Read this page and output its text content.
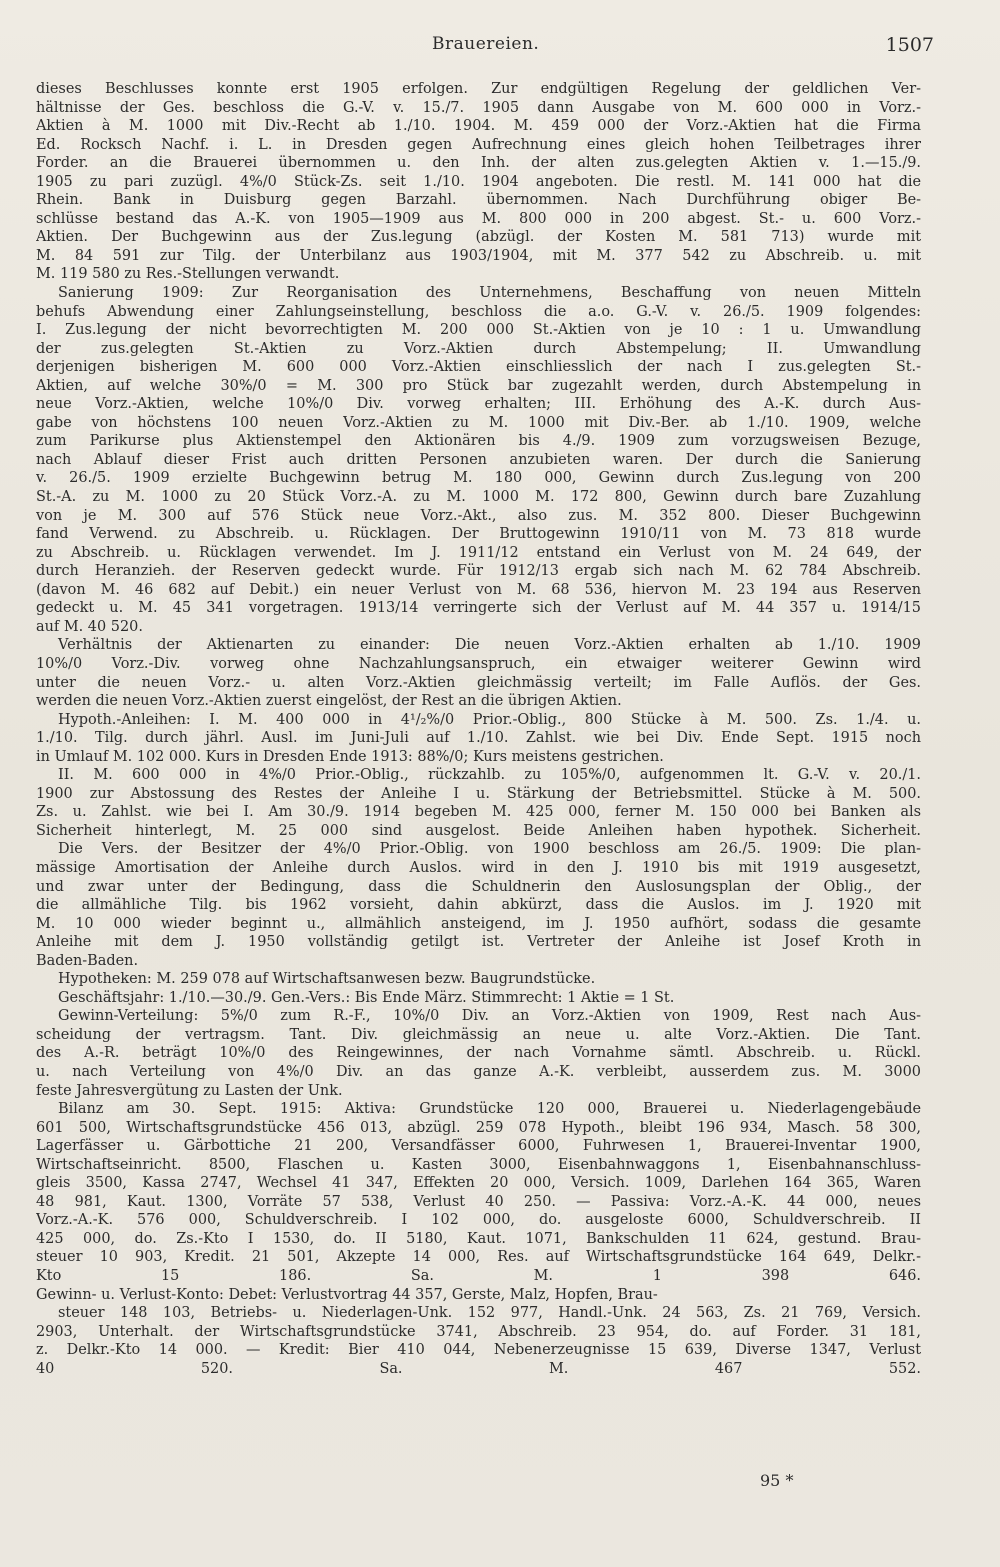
Brauereien.	1507
dieses Beschlusses konnte erst 1905 erfolgen. Zur endgültigen Regelung der geldlichen Ver-
hältnisse der Ges. beschloss die G.-V. v. 15./7. 1905 dann Ausgabe von M. 600 000 in Vorz.-
Aktien à M. 1000 mit Div.-Recht ab 1./10. 1904. M. 459 000 der Vorz.-Aktien hat die Firma
Ed. Rocksch Nachf. i. L. in Dresden gegen Aufrechnung eines gleich hohen Teilbetrages ihrer
Forder. an die Brauerei übernommen u. den Inh. der alten zus.gelegten Aktien v. 1.—15./9.
1905 zu pari zuzügl. 4%/0 Stück-Zs. seit 1./10. 1904 angeboten. Die restl. M. 141 000 hat die
Rhein. Bank in Duisburg gegen Barzahl. übernommen. Nach Durchführung obiger Be-
schlüsse bestand das A.-K. von 1905—1909 aus M. 800 000 in 200 abgest. St.- u. 600 Vorz.-
Aktien. Der Buchgewinn aus der Zus.legung (abzügl. der Kosten M. 581 713) wurde mit
M. 84 591 zur Tilg. der Unterbilanz aus 1903/1904, mit M. 377 542 zu Abschreib. u. mit
M. 119 580 zu Res.-Stellungen verwandt.
Sanierung 1909: Zur Reorganisation des Unternehmens, Beschaffung von neuen Mitteln
behufs Abwendung einer Zahlungseinstellung, beschloss die a.o. G.-V. v. 26./5. 1909 folgendes:
I. Zus.legung der nicht bevorrechtigten M. 200 000 St.-Aktien von je 10 : 1 u. Umwandlung
der zus.gelegten St.-Aktien zu Vorz.-Aktien durch Abstempelung; II. Umwandlung
derjenigen bisherigen M. 600 000 Vorz.-Aktien einschliesslich der nach I zus.gelegten St.-
Aktien, auf welche 30%/0 = M. 300 pro Stück bar zugezahlt werden, durch Abstempelung in
neue Vorz.-Aktien, welche 10%/0 Div. vorweg erhalten; III. Erhöhung des A.-K. durch Aus-
gabe von höchstens 100 neuen Vorz.-Aktien zu M. 1000 mit Div.-Ber. ab 1./10. 1909, welche
zum Parikurse plus Aktienstempel den Aktionären bis 4./9. 1909 zum vorzugsweisen Bezuge,
nach Ablauf dieser Frist auch dritten Personen anzubieten waren. Der durch die Sanierung
v. 26./5. 1909 erzielte Buchgewinn betrug M. 180 000, Gewinn durch Zus.legung von 200
St.-A. zu M. 1000 zu 20 Stück Vorz.-A. zu M. 1000 M. 172 800, Gewinn durch bare Zuzahlung
von je M. 300 auf 576 Stück neue Vorz.-Akt., also zus. M. 352 800. Dieser Buchgewinn
fand Verwend. zu Abschreib. u. Rücklagen. Der Bruttogewinn 1910/11 von M. 73 818 wurde
zu Abschreib. u. Rücklagen verwendet. Im J. 1911/12 entstand ein Verlust von M. 24 649, der
durch Heranzieh. der Reserven gedeckt wurde. Für 1912/13 ergab sich nach M. 62 784 Abschreib.
(davon M. 46 682 auf Debit.) ein neuer Verlust von M. 68 536, hiervon M. 23 194 aus Reserven
gedeckt u. M. 45 341 vorgetragen. 1913/14 verringerte sich der Verlust auf M. 44 357 u. 1914/15
auf M. 40 520.
Verhältnis der Aktienarten zu einander: Die neuen Vorz.-Aktien erhalten ab 1./10. 1909
10%/0 Vorz.-Div. vorweg ohne Nachzahlungsanspruch, ein etwaiger weiterer Gewinn wird
unter die neuen Vorz.- u. alten Vorz.-Aktien gleichmässig verteilt; im Falle Auflös. der Ges.
werden die neuen Vorz.-Aktien zuerst eingelöst, der Rest an die übrigen Aktien.
Hypoth.-Anleihen: I. M. 400 000 in 4¹/₂%/0 Prior.-Oblig., 800 Stücke à M. 500. Zs. 1./4. u.
1./10. Tilg. durch jährl. Ausl. im Juni-Juli auf 1./10. Zahlst. wie bei Div. Ende Sept. 1915 noch
in Umlauf M. 102 000. Kurs in Dresden Ende 1913: 88%/0; Kurs meistens gestrichen.
II. M. 600 000 in 4%/0 Prior.-Oblig., rückzahlb. zu 105%/0, aufgenommen lt. G.-V. v. 20./1.
1900 zur Abstossung des Restes der Anleihe I u. Stärkung der Betriebsmittel. Stücke à M. 500.
Zs. u. Zahlst. wie bei I. Am 30./9. 1914 begeben M. 425 000, ferner M. 150 000 bei Banken als
Sicherheit hinterlegt, M. 25 000 sind ausgelost. Beide Anleihen haben hypothek. Sicherheit.
Die Vers. der Besitzer der 4%/0 Prior.-Oblig. von 1900 beschloss am 26./5. 1909: Die plan-
mässige Amortisation der Anleihe durch Auslos. wird in den J. 1910 bis mit 1919 ausgesetzt,
und zwar unter der Bedingung, dass die Schuldnerin den Auslosungsplan der Oblig., der
die allmähliche Tilg. bis 1962 vorsieht, dahin abkürzt, dass die Auslos. im J. 1920 mit
M. 10 000 wieder beginnt u., allmählich ansteigend, im J. 1950 aufhört, sodass die gesamte
Anleihe mit dem J. 1950 vollständig getilgt ist. Vertreter der Anleihe ist Josef Kroth in
Baden-Baden.
Hypotheken: M. 259 078 auf Wirtschaftsanwesen bezw. Baugrundstücke.
Geschäftsjahr: 1./10.—30./9. Gen.-Vers.: Bis Ende März. Stimmrecht: 1 Aktie = 1 St.
Gewinn-Verteilung: 5%/0 zum R.-F., 10%/0 Div. an Vorz.-Aktien von 1909, Rest nach Aus-
scheidung der vertragsm. Tant. Div. gleichmässig an neue u. alte Vorz.-Aktien. Die Tant.
des A.-R. beträgt 10%/0 des Reingewinnes, der nach Vornahme sämtl. Abschreib. u. Rückl.
u. nach Verteilung von 4%/0 Div. an das ganze A.-K. verbleibt, ausserdem zus. M. 3000
feste Jahresvergütung zu Lasten der Unk.
Bilanz am 30. Sept. 1915: Aktiva: Grundstücke 120 000, Brauerei u. Niederlagengebäude
601 500, Wirtschaftsgrundstücke 456 013, abzügl. 259 078 Hypoth., bleibt 196 934, Masch. 58 300,
Lagerfässer u. Gärbottiche 21 200, Versandfässer 6000, Fuhrwesen 1, Brauerei-Inventar 1900,
Wirtschaftseinricht. 8500, Flaschen u. Kasten 3000, Eisenbahnwaggons 1, Eisenbahnanschluss-
gleis 3500, Kassa 2747, Wechsel 41 347, Effekten 20 000, Versich. 1009, Darlehen 164 365, Waren
48 981, Kaut. 1300, Vorräte 57 538, Verlust 40 250. — Passiva: Vorz.-A.-K. 44 000, neues
Vorz.-A.-K. 576 000, Schuldverschreib. I 102 000, do. ausgeloste 6000, Schuldverschreib. II
425 000, do. Zs.-Kto I 1530, do. II 5180, Kaut. 1071, Bankschulden 11 624, gestund. Brau-
steuer 10 903, Kredit. 21 501, Akzepte 14 000, Res. auf Wirtschaftsgrundstücke 164 649, Delkr.-
Kto 15 186. Sa. M. 1 398 646.
Gewinn- u. Verlust-Konto: Debet: Verlustvortrag 44 357, Gerste, Malz, Hopfen, Brau-
steuer 148 103, Betriebs- u. Niederlagen-Unk. 152 977, Handl.-Unk. 24 563, Zs. 21 769, Versich.
2903, Unterhalt. der Wirtschaftsgrundstücke 3741, Abschreib. 23 954, do. auf Forder. 31 181,
z. Delkr.-Kto 14 000. — Kredit: Bier 410 044, Nebenerzeugnisse 15 639, Diverse 1347, Verlust
40 520. Sa. M. 467 552.
95 *
